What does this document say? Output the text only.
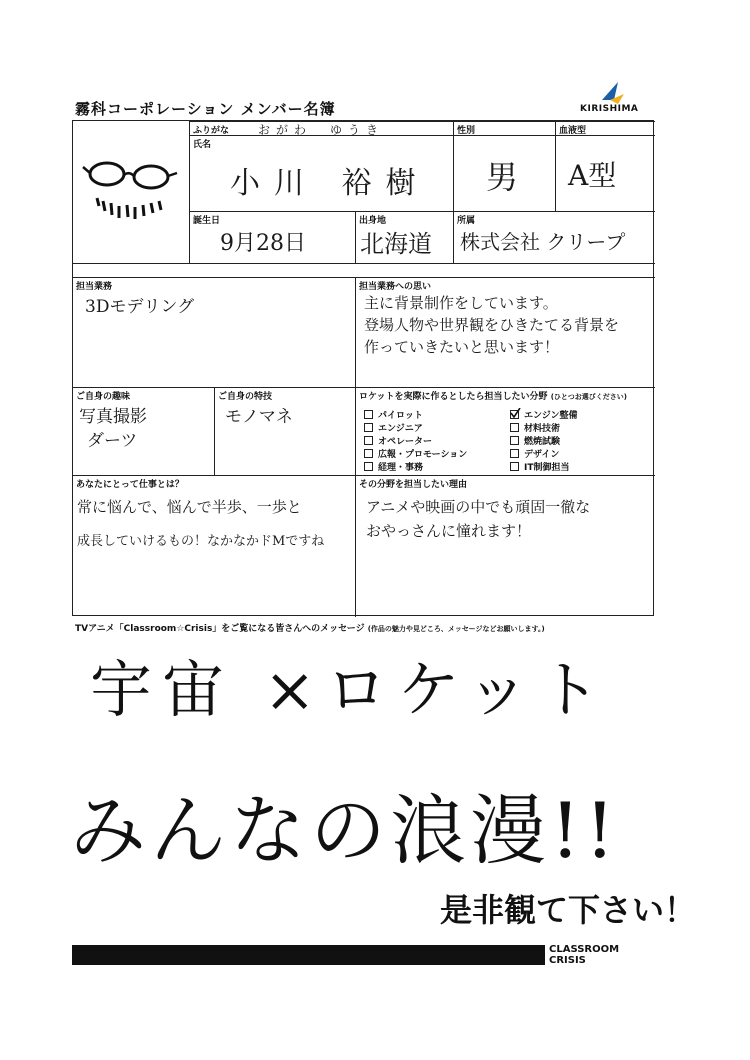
霧科コーポレーション メンバー名簿	KIRISHIMA
ふりがな おがわ　ゆうき
氏名
小川 裕樹
性別
男
血液型
A型
誕生日
9月28日
出身地
北海道
所属
株式会社 クリープ
担当業務
3Dモデリング
担当業務への思い
主に背景制作をしています。
登場人物や世界観をひきたてる背景を
作っていきたいと思います！
ご自身の趣味
写真撮影
ダーツ
ご自身の特技
モノマネ
ロケットを実際に作るとしたら担当したい分野 (ひとつお選びください)
パイロット
エンジニア
オペレーター
広報・プロモーション
経理・事務
エンジン整備
材料技術
燃焼試験
デザイン
IT制御担当
あなたにとって仕事とは？
常に悩んで、悩んで半歩、一歩と
成長していけるもの！なかなかドMですね
その分野を担当したい理由
アニメや映画の中でも頑固一徹な
おやっさんに憧れます！
TVアニメ「Classroom☆Crisis」をご覧になる皆さんへのメッセージ (作品の魅力や見どころ、メッセージなどお願いします。)
宇宙 ×ロケット
みんなの浪漫!!
是非観て下さい！
CLASSROOM
CRISIS
